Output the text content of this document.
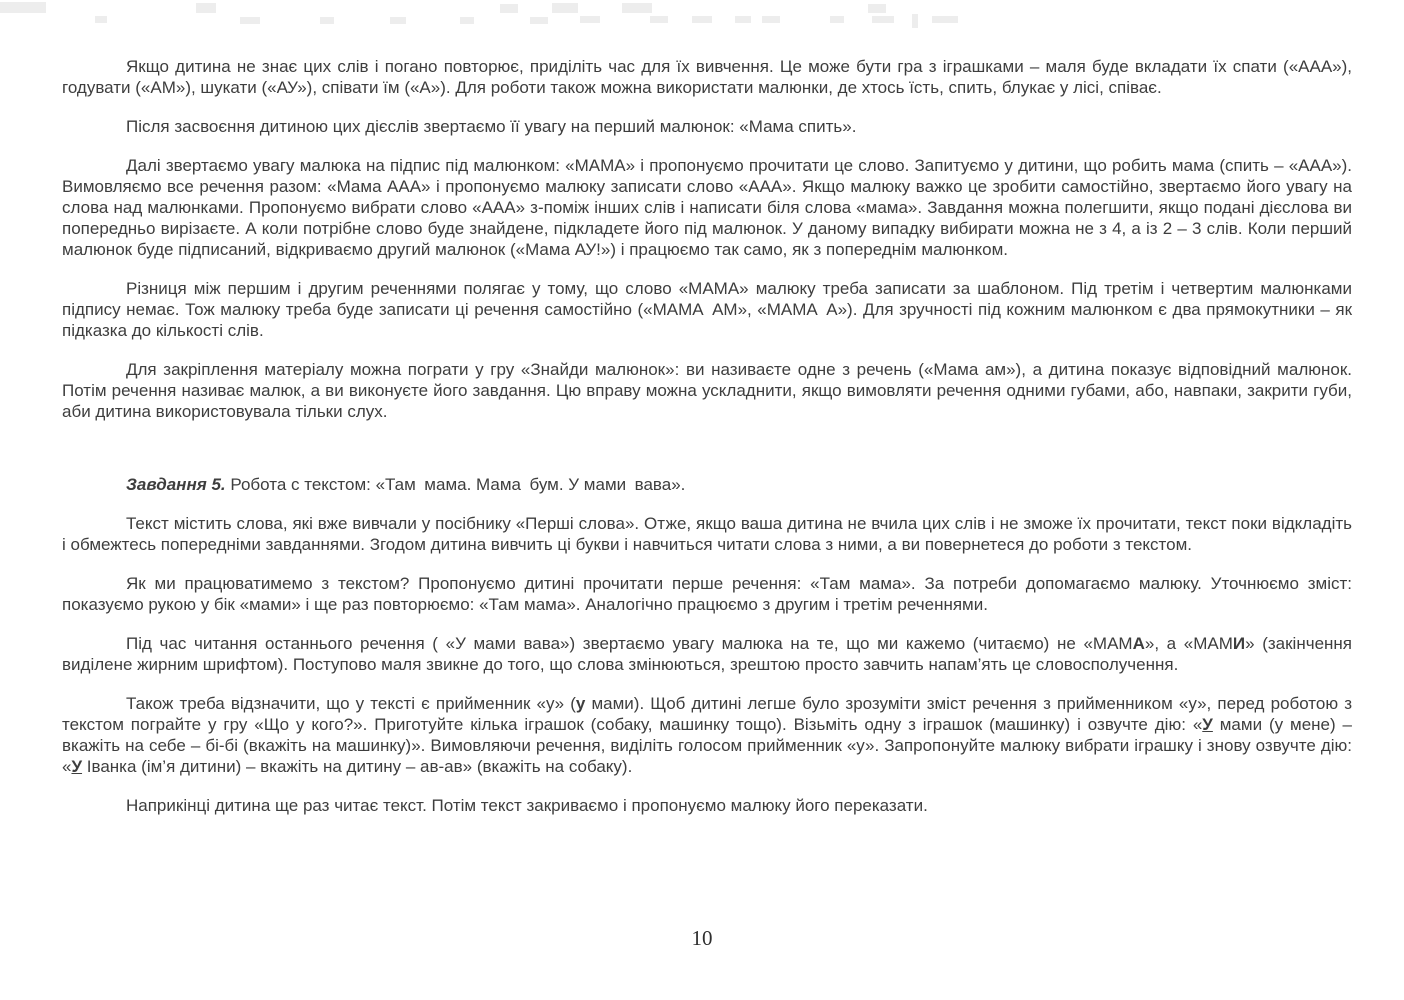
Якщо дитина не знає цих слів і погано повторює, приділіть час для їх вивчення. Це може бути гра з іграшками – маля буде вкладати їх спати («ААА»), годувати («АМ»), шукати («АУ»), співати їм («А»). Для роботи також можна використати малюнки, де хтось їсть, спить, блукає у лісі, співає.

Після засвоєння дитиною цих дієслів звертаємо її увагу на перший малюнок: «Мама спить».

Далі звертаємо увагу малюка на підпис під малюнком: «МАМА» і пропонуємо прочитати це слово. Запитуємо у дитини, що робить мама (спить – «ААА»). Вимовляємо все речення разом: «Мама ААА» і пропонуємо малюку записати слово «ААА». Якщо малюку важко це зробити самостійно, звертаємо його увагу на слова над малюнками. Пропонуємо вибрати слово «ААА» з-поміж інших слів і написати біля слова «мама». Завдання можна полегшити, якщо подані дієслова ви попередньо вирізаєте. А коли потрібне слово буде знайдене, підкладете його під малюнок. У даному випадку вибирати можна не з 4, а із 2 – 3 слів. Коли перший малюнок буде підписаний, відкриваємо другий малюнок («Мама АУ!») і працюємо так само, як з попереднім малюнком.

Різниця між першим і другим реченнями полягає у тому, що слово «МАМА» малюку треба записати за шаблоном. Під третім і четвертим малюнками підпису немає. Тож малюку треба буде записати ці речення самостійно («МАМА АМ», «МАМА А»). Для зручності під кожним малюнком є два прямокутники – як підказка до кількості слів.

Для закріплення матеріалу можна пограти у гру «Знайди малюнок»: ви називаєте одне з речень («Мама ам»), а дитина показує відповідний малюнок. Потім речення називає малюк, а ви виконуєте його завдання. Цю вправу можна ускладнити, якщо вимовляти речення одними губами, або, навпаки, закрити губи, аби дитина використовувала тільки слух.

Завдання 5. Робота с текстом: «Там мама. Мама бум. У мами вава».

Текст містить слова, які вже вивчали у посібнику «Перші слова». Отже, якщо ваша дитина не вчила цих слів і не зможе їх прочитати, текст поки відкладіть і обмежтесь попередніми завданнями. Згодом дитина вивчить ці букви і навчиться читати слова з ними, а ви повернетеся до роботи з текстом.

Як ми працюватимемо з текстом? Пропонуємо дитині прочитати перше речення: «Там мама». За потреби допомагаємо малюку. Уточнюємо зміст: показуємо рукою у бік «мами» і ще раз повторюємо: «Там мама». Аналогічно працюємо з другим і третім реченнями.

Під час читання останнього речення ( «У мами вава») звертаємо увагу малюка на те, що ми кажемо (читаємо) не «МАМА», а «МАМИ» (закінчення виділене жирним шрифтом). Поступово маля звикне до того, що слова змінюються, зрештою просто завчить напам’ять це словосполучення.

Також треба відзначити, що у тексті є прийменник «у» (у мами). Щоб дитині легше було зрозуміти зміст речення з прийменником «у», перед роботою з текстом пограйте у гру «Що у кого?». Приготуйте кілька іграшок (собаку, машинку тощо). Візьміть одну з іграшок (машинку) і озвучте дію: «У мами (у мене) – вкажіть на себе – бі-бі (вкажіть на машинку)». Вимовляючи речення, виділіть голосом прийменник «у». Запропонуйте малюку вибрати іграшку і знову озвучте дію: «У Іванка (ім’я дитини) – вкажіть на дитину – ав-ав» (вкажіть на собаку).

Наприкінці дитина ще раз читає текст. Потім текст закриваємо і пропонуємо малюку його переказати.

10
